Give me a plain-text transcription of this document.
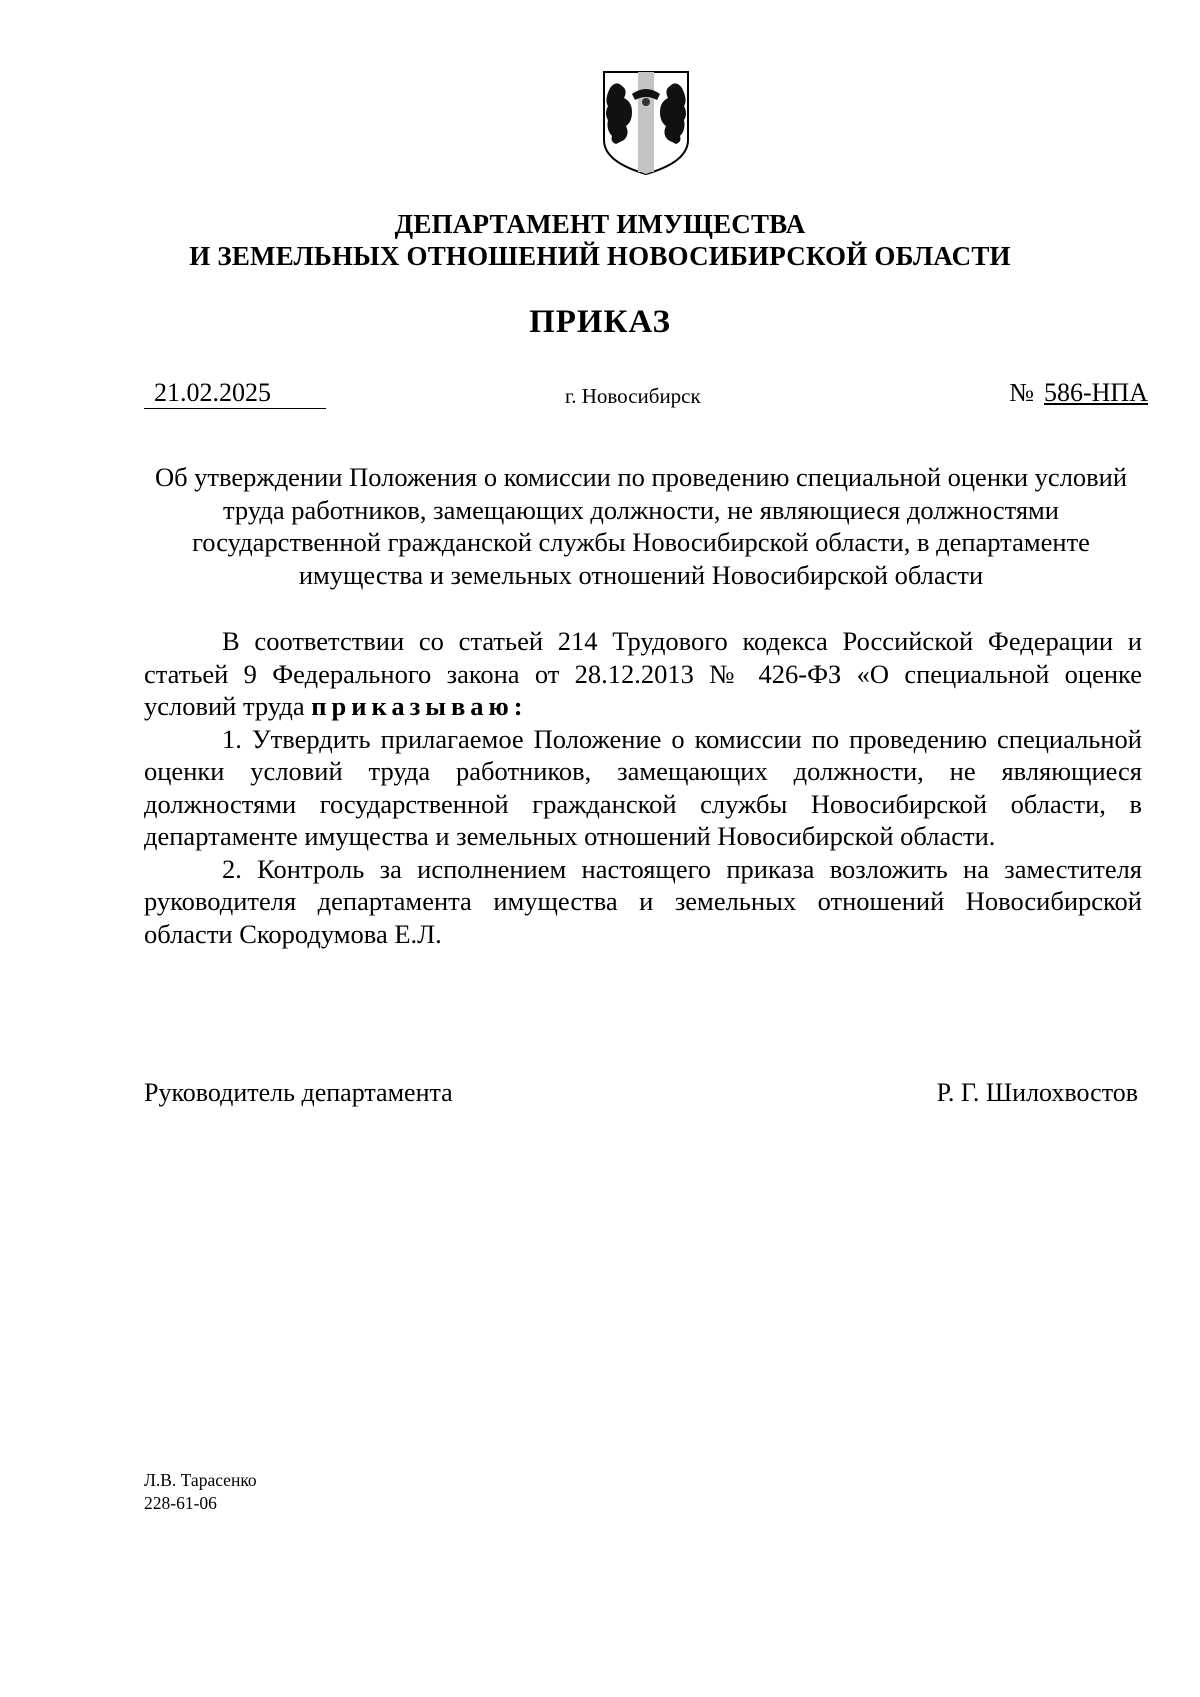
ДЕПАРТАМЕНТ ИМУЩЕСТВА
И ЗЕМЕЛЬНЫХ ОТНОШЕНИЙ НОВОСИБИРСКОЙ ОБЛАСТИ
ПРИКАЗ
21.02.2025	г. Новосибирск	№ 586-НПА
Об утверждении Положения о комиссии по проведению специальной оценки условий труда работников, замещающих должности, не являющиеся должностями государственной гражданской службы Новосибирской области, в департаменте имущества и земельных отношений Новосибирской области

В соответствии со статьей 214 Трудового кодекса Российской Федерации и статьей 9 Федерального закона от 28.12.2013 № 426-ФЗ «О специальной оценке условий труда приказываю:

1. Утвердить прилагаемое Положение о комиссии по проведению специальной оценки условий труда работников, замещающих должности, не являющиеся должностями государственной гражданской службы Новосибирской области, в департаменте имущества и земельных отношений Новосибирской области.

2. Контроль за исполнением настоящего приказа возложить на заместителя руководителя департамента имущества и земельных отношений Новосибирской области Скородумова Е.Л.

Руководитель департамента	Р. Г. Шилохвостов
Л.В. Тарасенко
228-61-06
